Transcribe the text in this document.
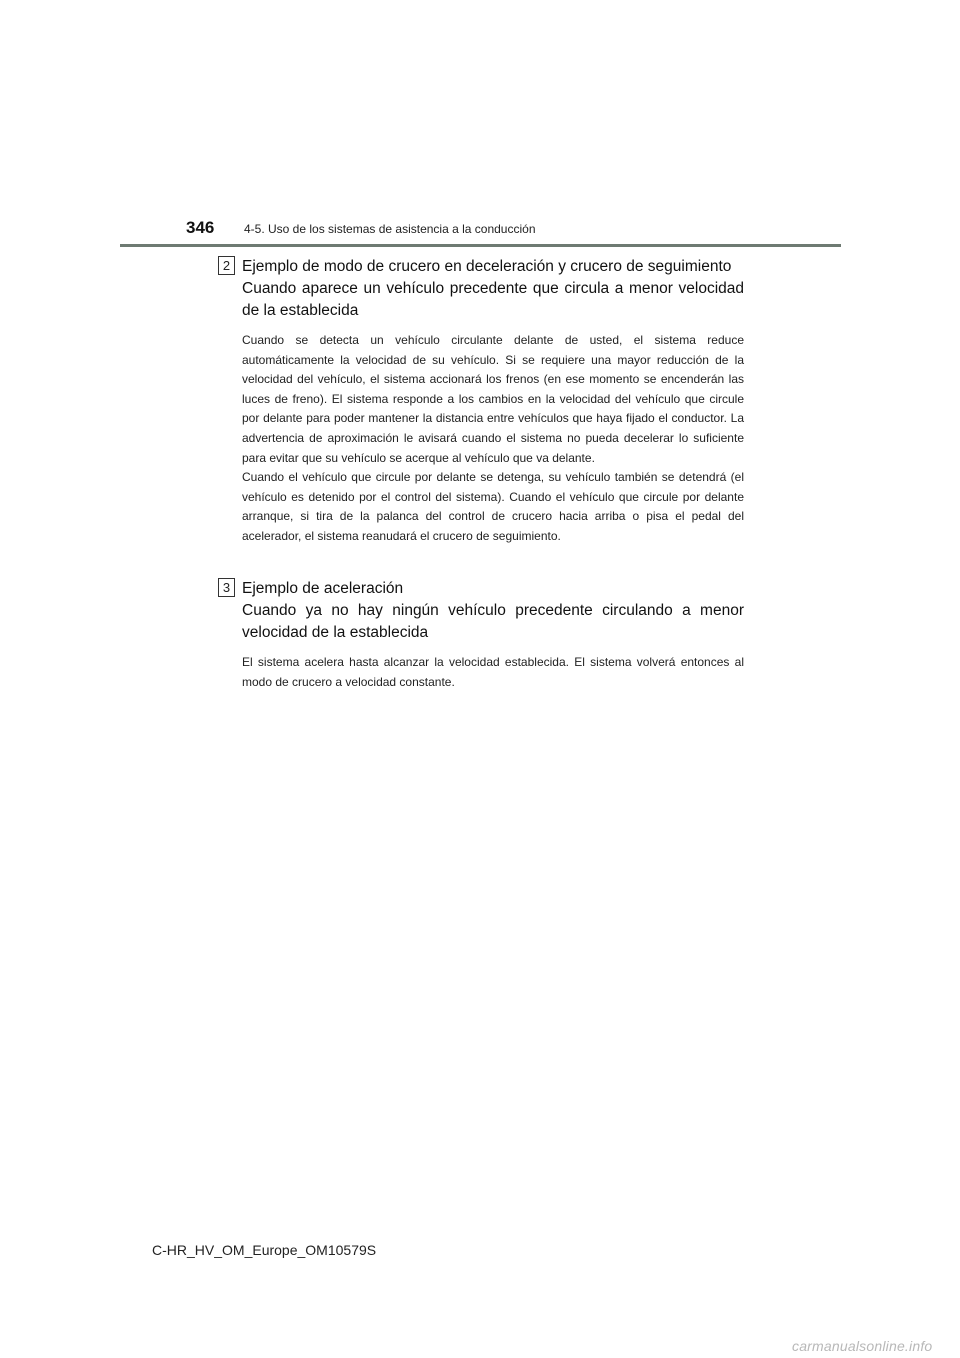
346 4-5. Uso de los sistemas de asistencia a la conducción
2 Ejemplo de modo de crucero en deceleración y crucero de seguimiento
Cuando aparece un vehículo precedente que circula a menor velocidad de la establecida

Cuando se detecta un vehículo circulante delante de usted, el sistema reduce automáticamente la velocidad de su vehículo. Si se requiere una mayor reducción de la velocidad del vehículo, el sistema accionará los frenos (en ese momento se encenderán las luces de freno). El sistema responde a los cambios en la velocidad del vehículo que circule por delante para poder mantener la distancia entre vehículos que haya fijado el conductor. La advertencia de aproximación le avisará cuando el sistema no pueda decelerar lo suficiente para evitar que su vehículo se acerque al vehículo que va delante.

Cuando el vehículo que circule por delante se detenga, su vehículo también se detendrá (el vehículo es detenido por el control del sistema). Cuando el vehículo que circule por delante arranque, si tira de la palanca del control de crucero hacia arriba o pisa el pedal del acelerador, el sistema reanudará el crucero de seguimiento.

3 Ejemplo de aceleración
Cuando ya no hay ningún vehículo precedente circulando a menor velocidad de la establecida

El sistema acelera hasta alcanzar la velocidad establecida. El sistema volverá entonces al modo de crucero a velocidad constante.

C-HR_HV_OM_Europe_OM10579S
carmanualsonline.info
